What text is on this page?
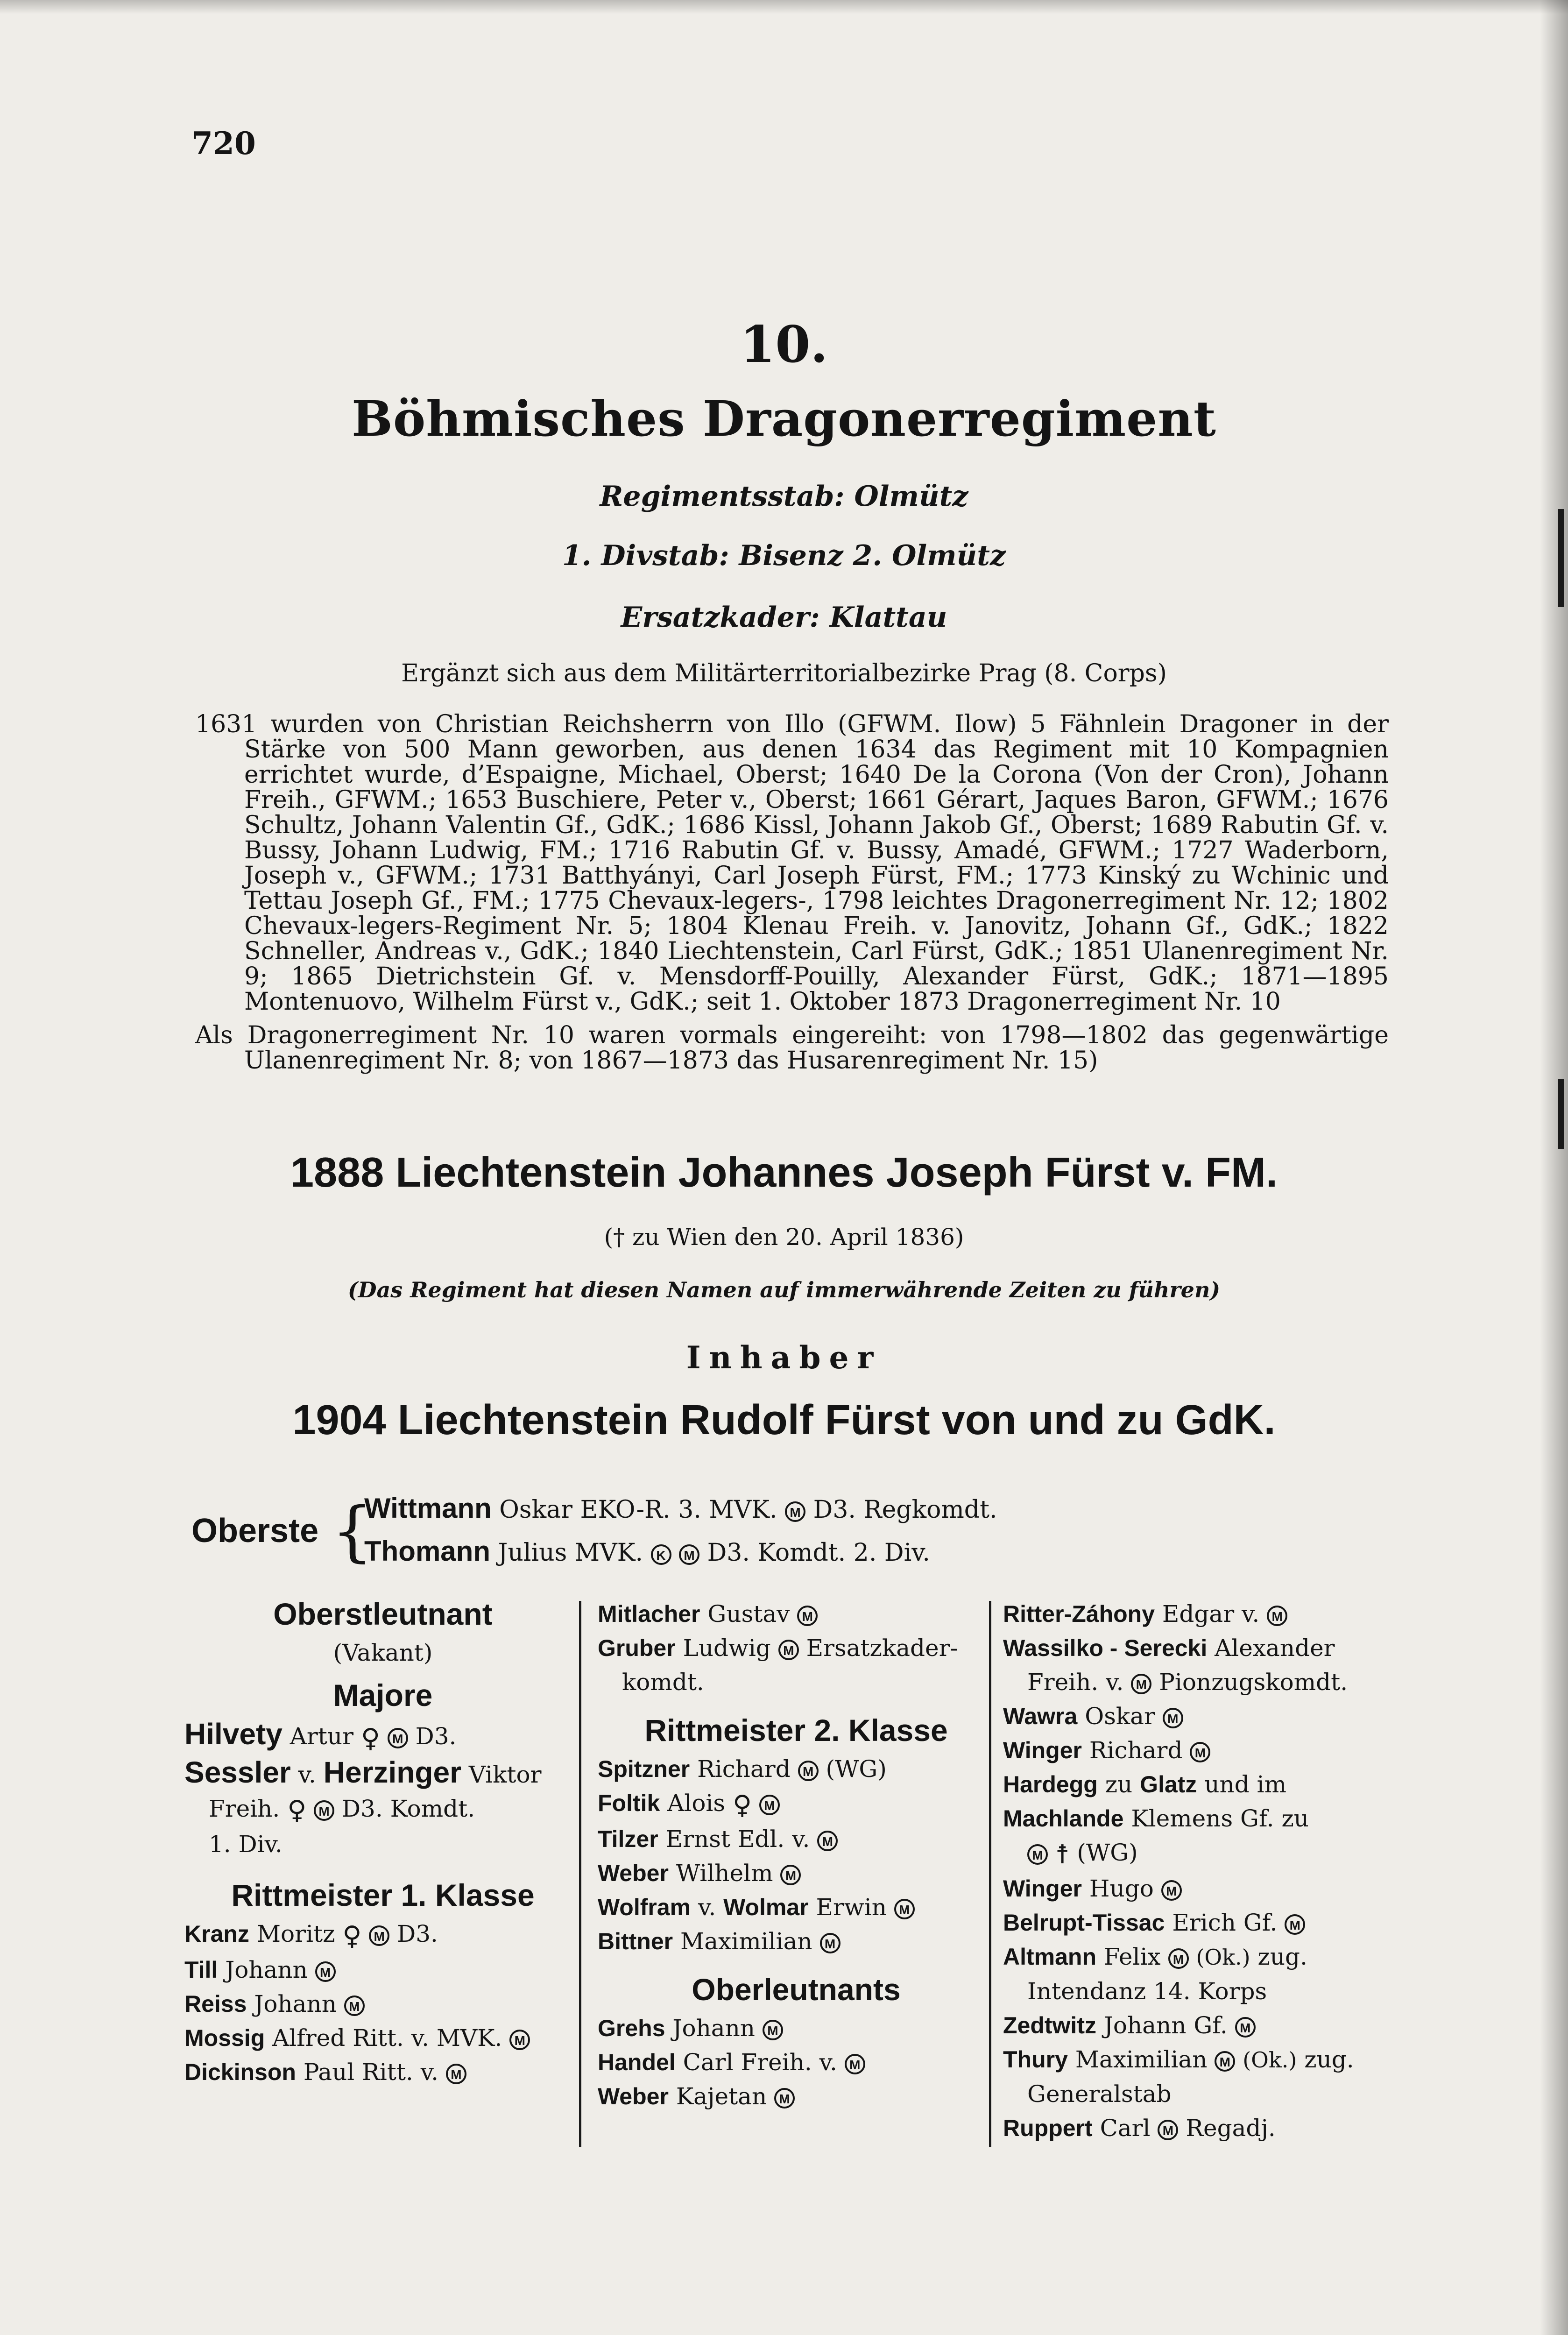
720
10.
Böhmisches Dragonerregiment
Regimentsstab: Olmütz
1. Divstab: Bisenz 2. Olmütz
Ersatzkader: Klattau
Ergänzt sich aus dem Militärterritorialbezirke Prag (8. Corps)

1631 wurden von Christian Reichsherrn von Illo (GFWM. Ilow) 5 Fähnlein Dragoner in der Stärke von 500 Mann geworben, aus denen 1634 das Regiment mit 10 Kompagnien errichtet wurde, d’Espaigne, Michael, Oberst; 1640 De la Corona (Von der Cron), Johann Freih., GFWM.; 1653 Buschiere, Peter v., Oberst; 1661 Gérart, Jaques Baron, GFWM.; 1676 Schultz, Johann Valentin Gf., GdK.; 1686 Kissl, Johann Jakob Gf., Oberst; 1689 Rabutin Gf. v. Bussy, Johann Ludwig, FM.; 1716 Rabutin Gf. v. Bussy, Amadé, GFWM.; 1727 Waderborn, Joseph v., GFWM.; 1731 Batthyányi, Carl Joseph Fürst, FM.; 1773 Kinský zu Wchinic und Tettau Joseph Gf., FM.; 1775 Chevaux-legers-, 1798 leichtes Dragonerregiment Nr. 12; 1802 Chevaux-legers-Regiment Nr. 5; 1804 Klenau Freih. v. Janovitz, Johann Gf., GdK.; 1822 Schneller, Andreas v., GdK.; 1840 Liechtenstein, Carl Fürst, GdK.; 1851 Ulanenregiment Nr. 9; 1865 Dietrichstein Gf. v. Mensdorff-Pouilly, Alexander Fürst, GdK.; 1871—1895 Montenuovo, Wilhelm Fürst v., GdK.; seit 1. Oktober 1873 Dragonerregiment Nr. 10

Als Dragonerregiment Nr. 10 waren vormals eingereiht: von 1798—1802 das gegenwärtige Ulanenregiment Nr. 8; von 1867—1873 das Husarenregiment Nr. 15)

1888 Liechtenstein Johannes Joseph Fürst v. FM.
(† zu Wien den 20. April 1836)
(Das Regiment hat diesen Namen auf immerwährende Zeiten zu führen)
Inhaber
1904 Liechtenstein Rudolf Fürst von und zu GdK.
Oberste {
Wittmann Oskar EKO-R. 3. MVK. M D3. Regkomdt.
Thomann Julius MVK. K M D3. Komdt. 2. Div.
Oberstleutnant
(Vakant)
Majore
Hilvety Artur ♀ M D3.
Sessler v. Herzinger Viktor
Freih. ♀ M D3. Komdt.
1. Div.
Rittmeister 1. Klasse
Kranz Moritz ♀ M D3.
Till Johann M
Reiss Johann M
Mossig Alfred Ritt. v. MVK. M
Dickinson Paul Ritt. v. M
Mitlacher Gustav M
Gruber Ludwig M Ersatzkader-
komdt.
Rittmeister 2. Klasse
Spitzner Richard M (WG)
Foltik Alois ♀ M
Tilzer Ernst Edl. v. M
Weber Wilhelm M
Wolfram v. Wolmar Erwin M
Bittner Maximilian M
Oberleutnants
Grehs Johann M
Handel Carl Freih. v. M
Weber Kajetan M
Ritter-Záhony Edgar v. M
Wassilko - Serecki Alexander
Freih. v. M Pionzugskomdt.
Wawra Oskar M
Winger Richard M
Hardegg zu Glatz und im
Machlande Klemens Gf. zu
M ☨ (WG)
Winger Hugo M
Belrupt-Tissac Erich Gf. M
Altmann Felix M (Ok.) zug.
Intendanz 14. Korps
Zedtwitz Johann Gf. M
Thury Maximilian M (Ok.) zug.
Generalstab
Ruppert Carl M Regadj.
